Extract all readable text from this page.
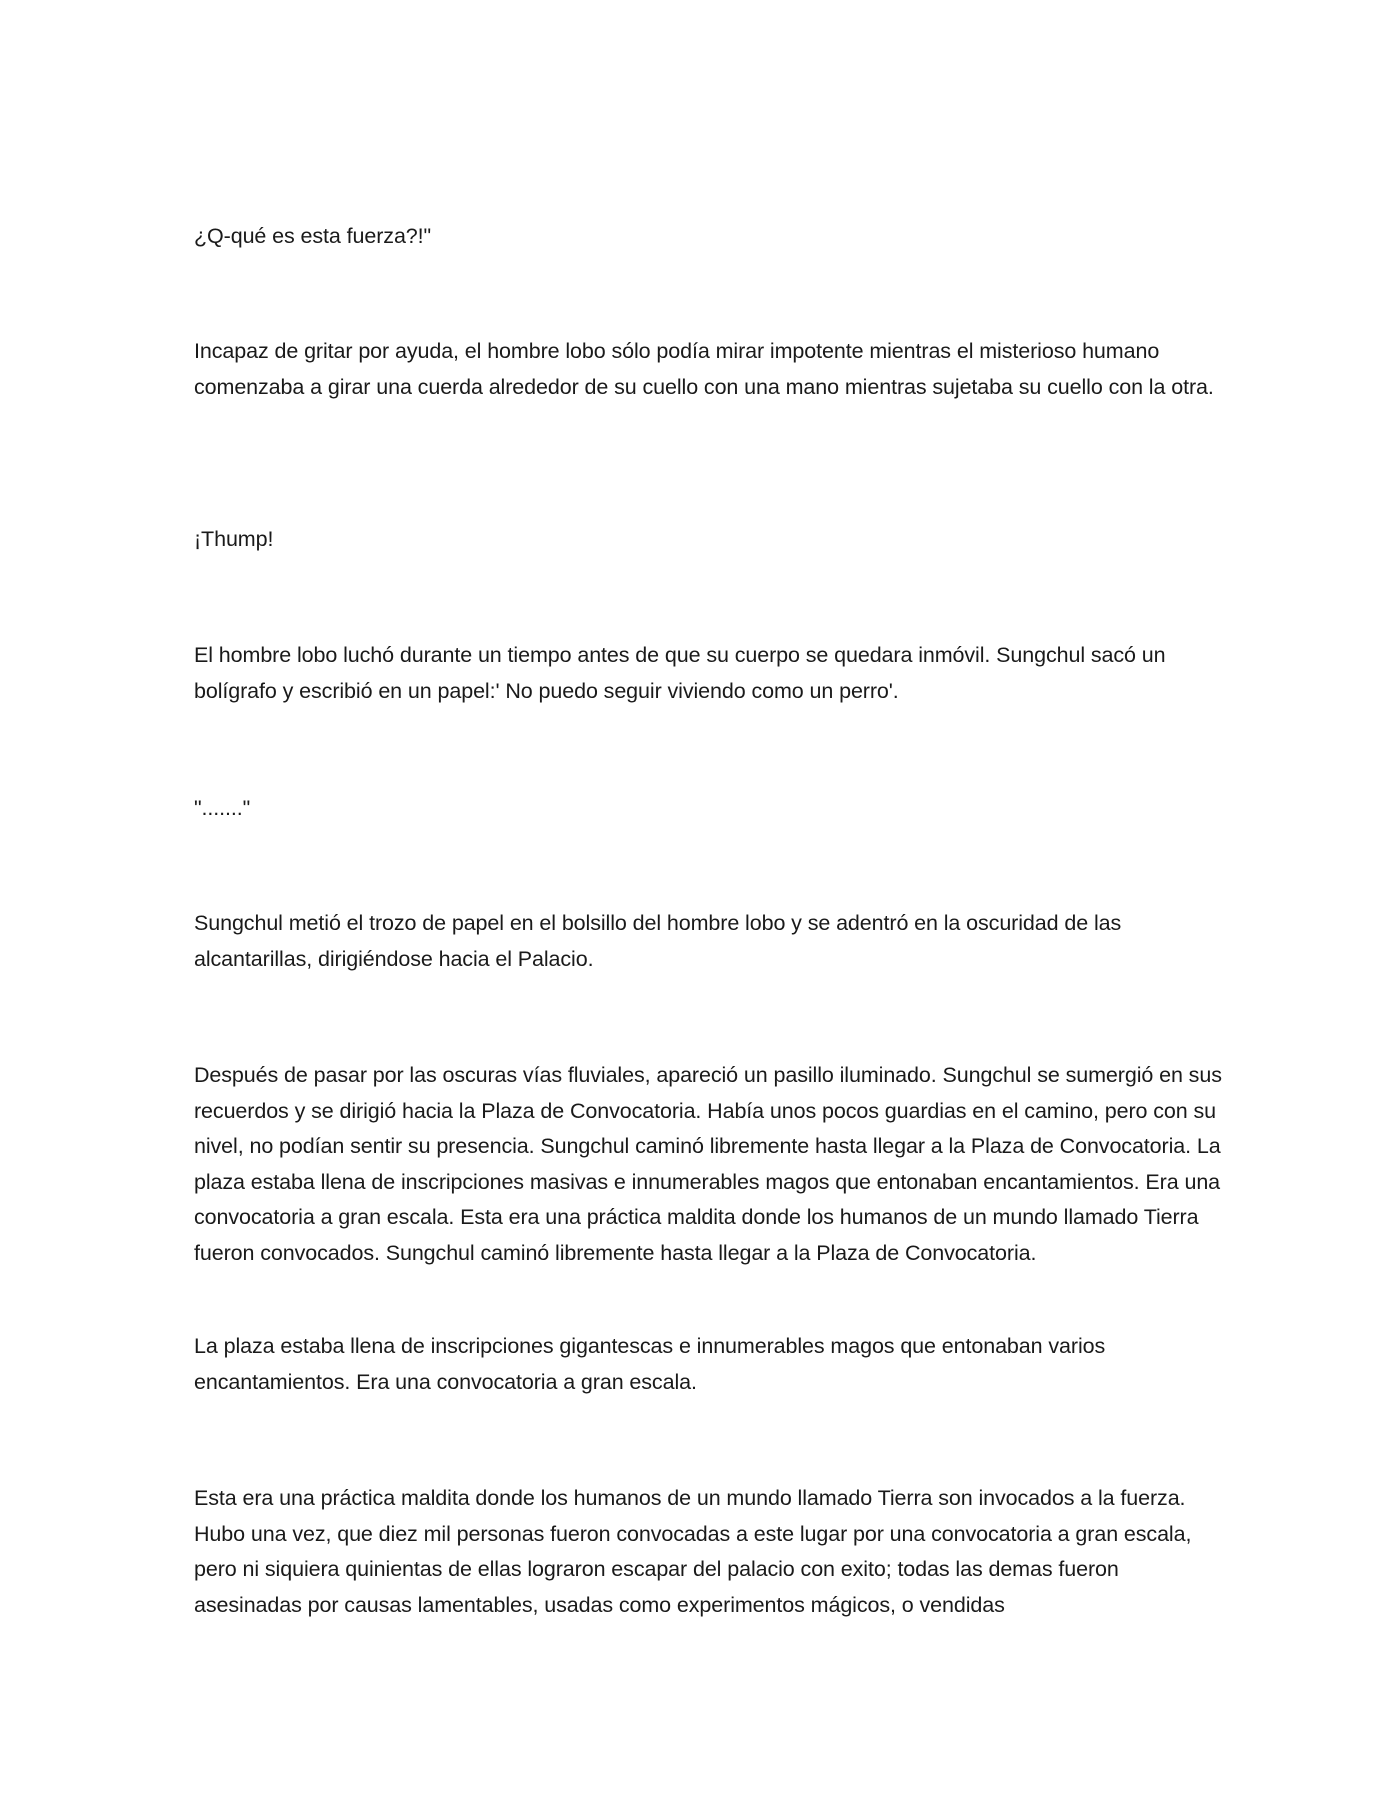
¿Q-qué es esta fuerza?!"

Incapaz de gritar por ayuda, el hombre lobo sólo podía mirar impotente mientras el misterioso humano comenzaba a girar una cuerda alrededor de su cuello con una mano mientras sujetaba su cuello con la otra.

¡Thump!

El hombre lobo luchó durante un tiempo antes de que su cuerpo se quedara inmóvil. Sungchul sacó un bolígrafo y escribió en un papel:' No puedo seguir viviendo como un perro'.

"......."

Sungchul metió el trozo de papel en el bolsillo del hombre lobo y se adentró en la oscuridad de las alcantarillas, dirigiéndose hacia el Palacio.

Después de pasar por las oscuras vías fluviales, apareció un pasillo iluminado. Sungchul se sumergió en sus recuerdos y se dirigió hacia la Plaza de Convocatoria. Había unos pocos guardias en el camino, pero con su nivel, no podían sentir su presencia. Sungchul caminó libremente hasta llegar a la Plaza de Convocatoria. La plaza estaba llena de inscripciones masivas e innumerables magos que entonaban encantamientos. Era una convocatoria a gran escala. Esta era una práctica maldita donde los humanos de un mundo llamado Tierra fueron convocados. Sungchul caminó libremente hasta llegar a la Plaza de Convocatoria.

La plaza estaba llena de inscripciones gigantescas e innumerables magos que entonaban varios encantamientos. Era una convocatoria a gran escala.

Esta era una práctica maldita donde los humanos de un mundo llamado Tierra son invocados a la fuerza. Hubo una vez, que diez mil personas fueron convocadas a este lugar por una convocatoria a gran escala, pero ni siquiera quinientas de ellas lograron escapar del palacio con exito; todas las demas fueron asesinadas por causas lamentables, usadas como experimentos mágicos, o vendidas
